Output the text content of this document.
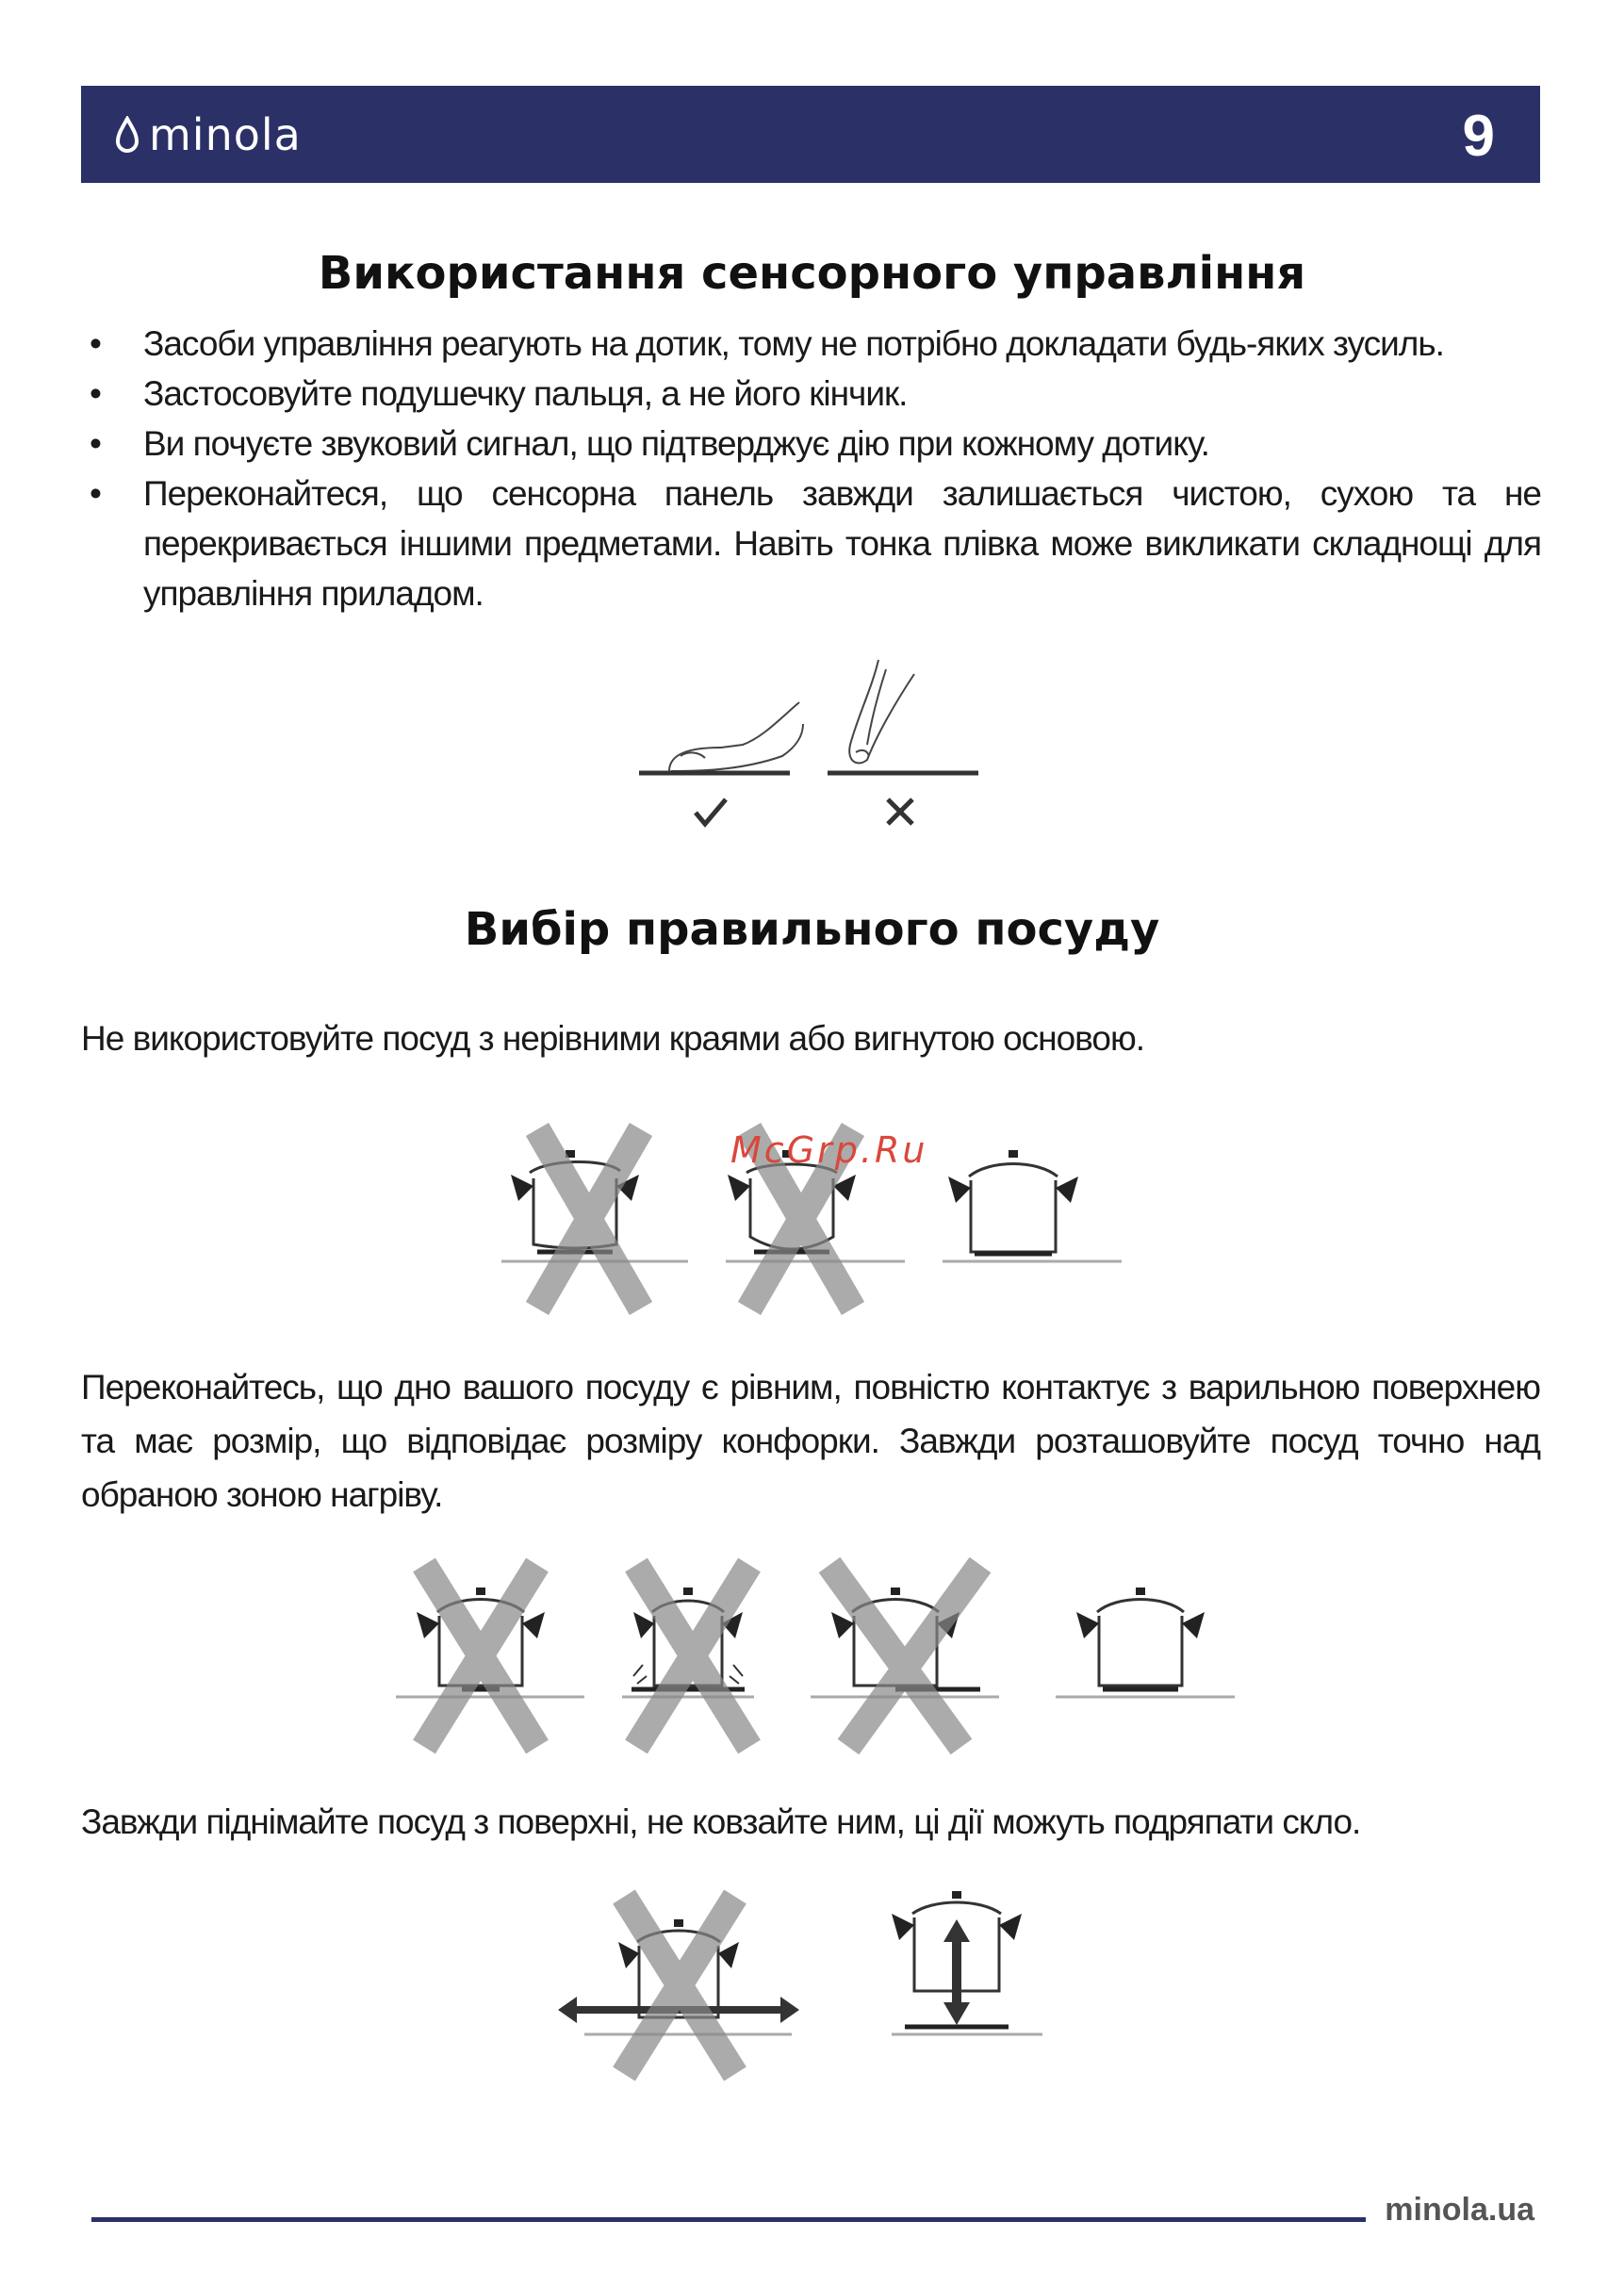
minola	9
Використання сенсорного управління
• Засоби управління реагують на дотик, тому не потрібно докладати будь-яких зусиль.
• Застосовуйте подушечку пальця, а не його кінчик.
• Ви почуєте звуковий сигнал, що підтверджує дію при кожному дотику.
• Переконайтеся, що сенсорна панель завжди залишається чистою, сухою та не перекривається іншими предметами. Навіть тонка плівка може викликати складнощі для управління приладом.
Вибір правильного посуду

Не використовуйте посуд з нерівними краями або вигнутою основою.

McGrp.Ru

Переконайтесь, що дно вашого посуду є рівним, повністю контактує з варильною поверхнею та має розмір, що відповідає розміру конфорки. Завжди розташовуйте посуд точно над обраною зоною нагріву.

Завжди піднімайте посуд з поверхні, не ковзайте ним, ці дії можуть подряпати скло.

minola.ua
